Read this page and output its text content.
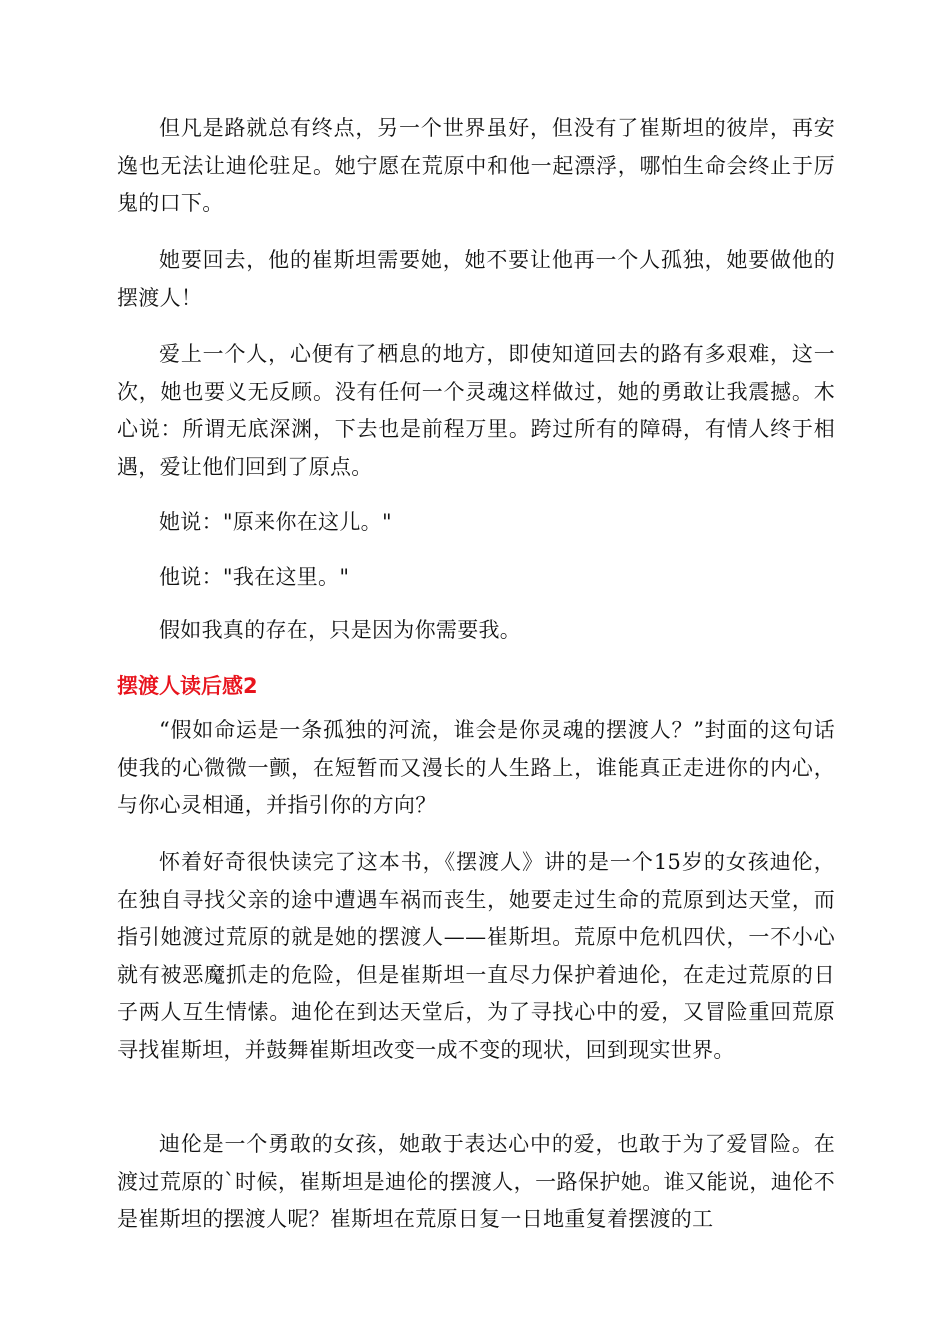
但凡是路就总有终点，另一个世界虽好，但没有了崔斯坦的彼岸，再安逸也无法让迪伦驻足。她宁愿在荒原中和他一起漂浮，哪怕生命会终止于厉鬼的口下。

她要回去，他的崔斯坦需要她，她不要让他再一个人孤独，她要做他的摆渡人！

爱上一个人，心便有了栖息的地方，即使知道回去的路有多艰难，这一次，她也要义无反顾。没有任何一个灵魂这样做过，她的勇敢让我震撼。木心说：所谓无底深渊，下去也是前程万里。跨过所有的障碍，有情人终于相遇，爱让他们回到了原点。

她说："原来你在这儿。"

他说："我在这里。"

假如我真的存在，只是因为你需要我。

摆渡人读后感2

“假如命运是一条孤独的河流，谁会是你灵魂的摆渡人？”封面的这句话使我的心微微一颤，在短暂而又漫长的人生路上，谁能真正走进你的内心，与你心灵相通，并指引你的方向？

怀着好奇很快读完了这本书，《摆渡人》讲的是一个15岁的女孩迪伦，在独自寻找父亲的途中遭遇车祸而丧生，她要走过生命的荒原到达天堂，而指引她渡过荒原的就是她的摆渡人——崔斯坦。荒原中危机四伏，一不小心就有被恶魔抓走的危险，但是崔斯坦一直尽力保护着迪伦，在走过荒原的日子两人互生情愫。迪伦在到达天堂后，为了寻找心中的爱，又冒险重回荒原寻找崔斯坦，并鼓舞崔斯坦改变一成不变的现状，回到现实世界。

迪伦是一个勇敢的女孩，她敢于表达心中的爱，也敢于为了爱冒险。在渡过荒原的`时候，崔斯坦是迪伦的摆渡人，一路保护她。谁又能说，迪伦不是崔斯坦的摆渡人呢？崔斯坦在荒原日复一日地重复着摆渡的工
